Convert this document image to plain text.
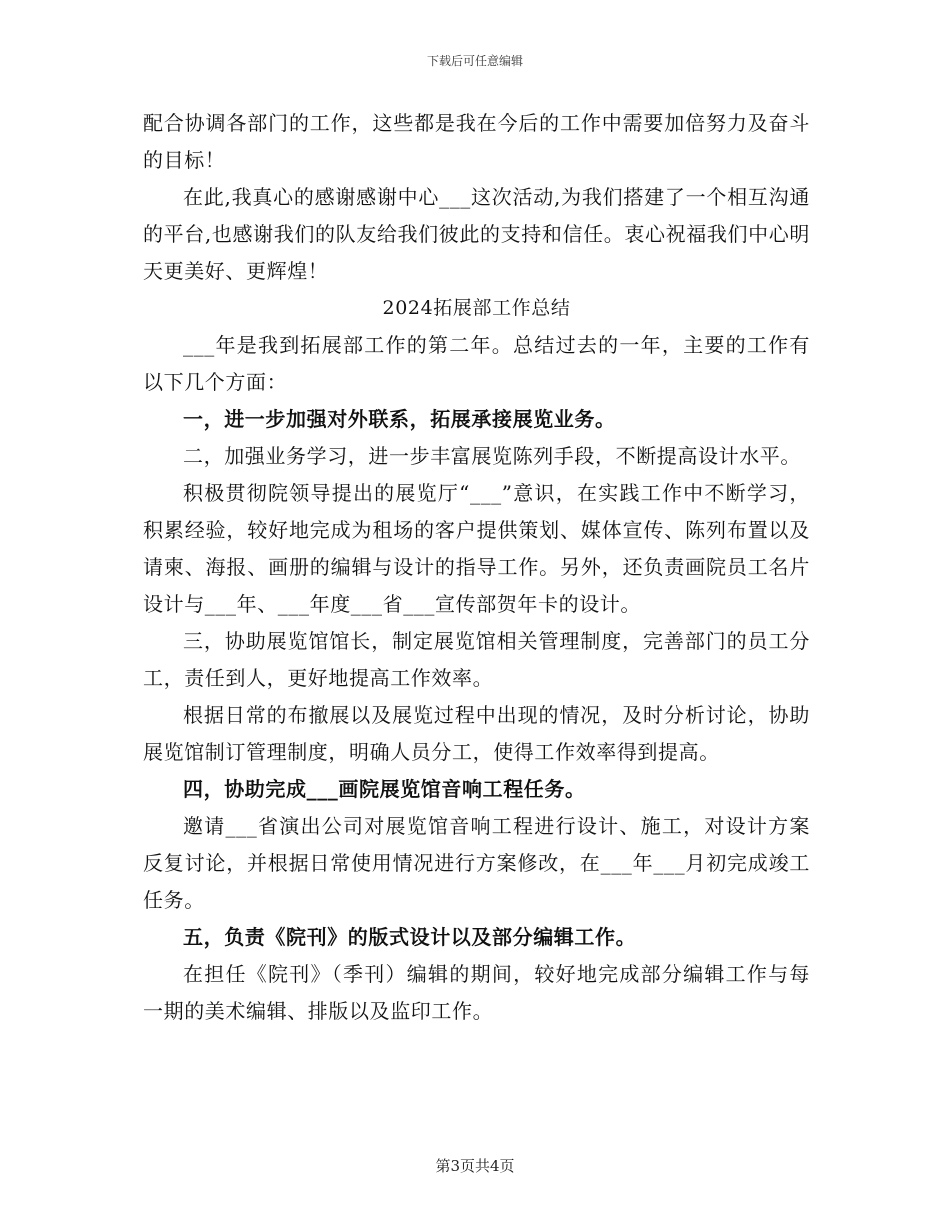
下载后可任意编辑

配合协调各部门的工作，这些都是我在今后的工作中需要加倍努力及奋斗的目标！

在此,我真心的感谢感谢中心___这次活动,为我们搭建了一个相互沟通的平台,也感谢我们的队友给我们彼此的支持和信任。衷心祝福我们中心明天更美好、更辉煌！

2024拓展部工作总结

___年是我到拓展部工作的第二年。总结过去的一年，主要的工作有以下几个方面：

一，进一步加强对外联系，拓展承接展览业务。

二，加强业务学习，进一步丰富展览陈列手段，不断提高设计水平。

积极贯彻院领导提出的展览厅“___”意识，在实践工作中不断学习，积累经验，较好地完成为租场的客户提供策划、媒体宣传、陈列布置以及请柬、海报、画册的编辑与设计的指导工作。另外，还负责画院员工名片设计与___年、___年度___省___宣传部贺年卡的设计。

三，协助展览馆馆长，制定展览馆相关管理制度，完善部门的员工分工，责任到人，更好地提高工作效率。

根据日常的布撤展以及展览过程中出现的情况，及时分析讨论，协助展览馆制订管理制度，明确人员分工，使得工作效率得到提高。

四，协助完成___画院展览馆音响工程任务。

邀请___省演出公司对展览馆音响工程进行设计、施工，对设计方案反复讨论，并根据日常使用情况进行方案修改，在___年___月初完成竣工任务。

五，负责《院刊》的版式设计以及部分编辑工作。

在担任《院刊》（季刊）编辑的期间，较好地完成部分编辑工作与每一期的美术编辑、排版以及监印工作。

第3页共4页
